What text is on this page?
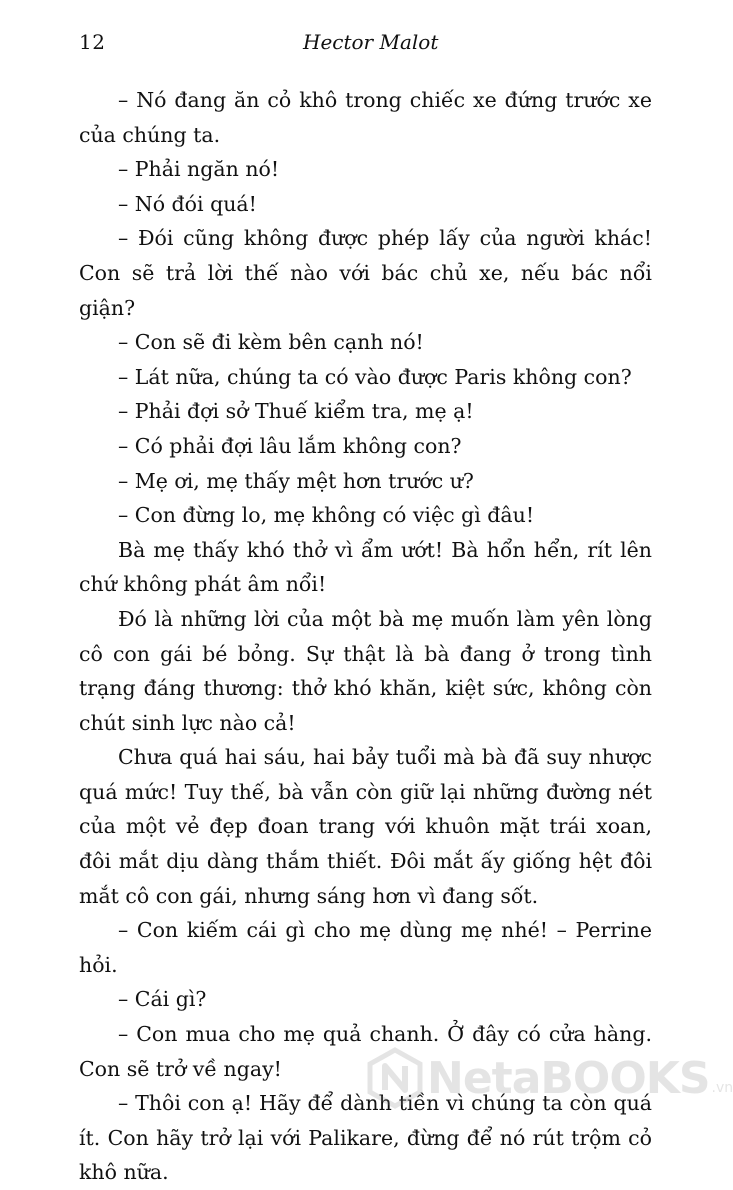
12	Hector Malot

– Nó đang ăn cỏ khô trong chiếc xe đứng trước xe của chúng ta.

– Phải ngăn nó!

– Nó đói quá!

– Đói cũng không được phép lấy của người khác! Con sẽ trả lời thế nào với bác chủ xe, nếu bác nổi giận?

– Con sẽ đi kèm bên cạnh nó!

– Lát nữa, chúng ta có vào được Paris không con?

– Phải đợi sở Thuế kiểm tra, mẹ ạ!

– Có phải đợi lâu lắm không con?

– Mẹ ơi, mẹ thấy mệt hơn trước ư?

– Con đừng lo, mẹ không có việc gì đâu!

Bà mẹ thấy khó thở vì ẩm ướt! Bà hổn hển, rít lên chứ không phát âm nổi!

Đó là những lời của một bà mẹ muốn làm yên lòng cô con gái bé bỏng. Sự thật là bà đang ở trong tình trạng đáng thương: thở khó khăn, kiệt sức, không còn chút sinh lực nào cả!

Chưa quá hai sáu, hai bảy tuổi mà bà đã suy nhược quá mức! Tuy thế, bà vẫn còn giữ lại những đường nét của một vẻ đẹp đoan trang với khuôn mặt trái xoan, đôi mắt dịu dàng thắm thiết. Đôi mắt ấy giống hệt đôi mắt cô con gái, nhưng sáng hơn vì đang sốt.

– Con kiếm cái gì cho mẹ dùng mẹ nhé! – Perrine hỏi.

– Cái gì?

– Con mua cho mẹ quả chanh. Ở đây có cửa hàng. Con sẽ trở về ngay!

– Thôi con ạ! Hãy để dành tiền vì chúng ta còn quá ít. Con hãy trở lại với Palikare, đừng để nó rút trộm cỏ khô nữa.

NetaBOOKS .vn
